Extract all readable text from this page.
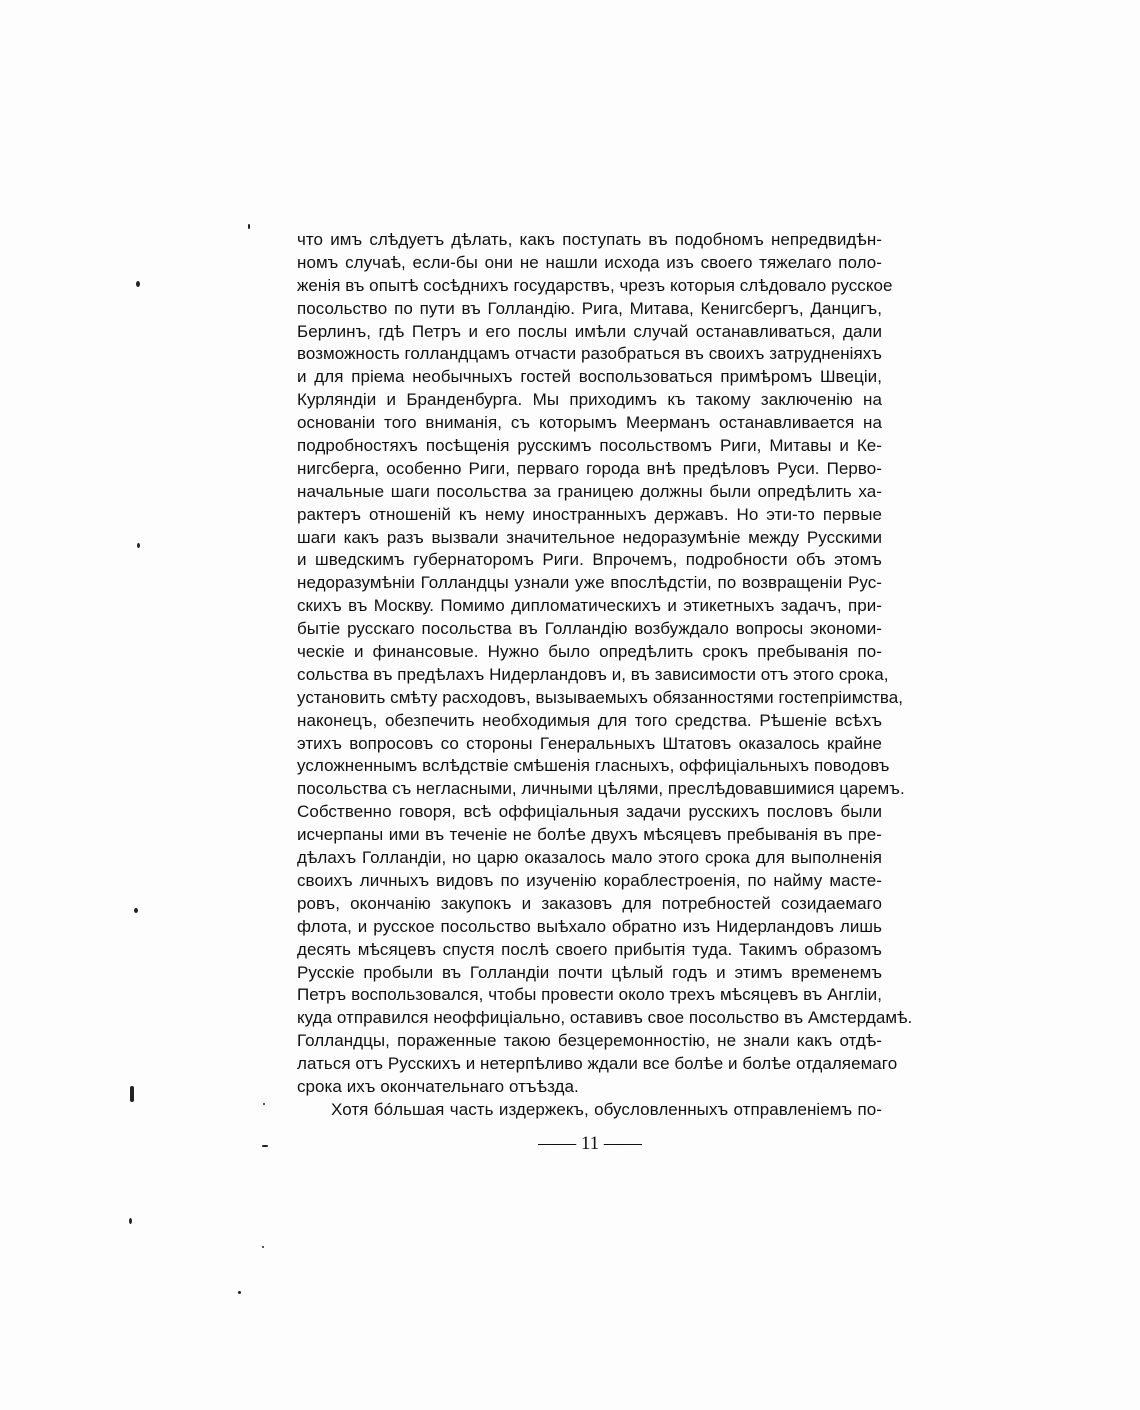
что имъ слѣдуетъ дѣлать, какъ поступать въ подобномъ непредвидѣн-
номъ случаѣ, если-бы они не нашли исхода изъ своего тяжелаго поло-
женія въ опытѣ сосѣднихъ государствъ, чрезъ которыя слѣдовало русское
посольство по пути въ Голландію. Рига, Митава, Кенигсбергъ, Данцигъ,
Берлинъ, гдѣ Петръ и его послы имѣли случай останавливаться, дали
возможность голландцамъ отчасти разобраться въ своихъ затрудненіяхъ
и для пріема необычныхъ гостей воспользоваться примѣромъ Швеціи,
Курляндіи и Бранденбурга. Мы приходимъ къ такому заключенію на
основаніи того вниманія, съ которымъ Меерманъ останавливается на
подробностяхъ посѣщенія русскимъ посольствомъ Риги, Митавы и Ке-
нигсберга, особенно Риги, перваго города внѣ предѣловъ Руси. Перво-
начальные шаги посольства за границею должны были опредѣлить ха-
рактеръ отношеній къ нему иностранныхъ державъ. Но эти-то первые
шаги какъ разъ вызвали значительное недоразумѣніе между Русскими
и шведскимъ губернаторомъ Риги. Впрочемъ, подробности объ этомъ
недоразумѣніи Голландцы узнали уже впослѣдстіи, по возвращеніи Рус-
скихъ въ Москву. Помимо дипломатическихъ и этикетныхъ задачъ, при-
бытіе русскаго посольства въ Голландію возбуждало вопросы экономи-
ческіе и финансовые. Нужно было опредѣлить срокъ пребыванія по-
сольства въ предѣлахъ Нидерландовъ и, въ зависимости отъ этого срока,
установить смѣту расходовъ, вызываемыхъ обязанностями гостепріимства,
наконецъ, обезпечить необходимыя для того средства. Рѣшеніе всѣхъ
этихъ вопросовъ со стороны Генеральныхъ Штатовъ оказалось крайне
усложненнымъ вслѣдствіе смѣшенія гласныхъ, оффиціальныхъ поводовъ
посольства съ негласными, личными цѣлями, преслѣдовавшимися царемъ.
Собственно говоря, всѣ оффиціальныя задачи русскихъ пословъ были
исчерпаны ими въ теченіе не болѣе двухъ мѣсяцевъ пребыванія въ пре-
дѣлахъ Голландіи, но царю оказалось мало этого срока для выполненія
своихъ личныхъ видовъ по изученію кораблестроенія, по найму масте-
ровъ, окончанію закупокъ и заказовъ для потребностей созидаемаго
флота, и русское посольство выѣхало обратно изъ Нидерландовъ лишь
десять мѣсяцевъ спустя послѣ своего прибытія туда. Такимъ образомъ
Русскіе пробыли въ Голландіи почти цѣлый годъ и этимъ временемъ
Петръ воспользовался, чтобы провести около трехъ мѣсяцевъ въ Англіи,
куда отправился неоффиціально, оставивъ свое посольство въ Амстердамѣ.
Голландцы, пораженные такою безцеремонностію, не знали какъ отдѣ-
латься отъ Русскихъ и нетерпѣливо ждали все болѣе и болѣе отдаляемаго
срока ихъ окончательнаго отъѣзда.
Хотя бóльшая часть издержекъ, обусловленныхъ отправленіемъ по-
—— 11 ——
